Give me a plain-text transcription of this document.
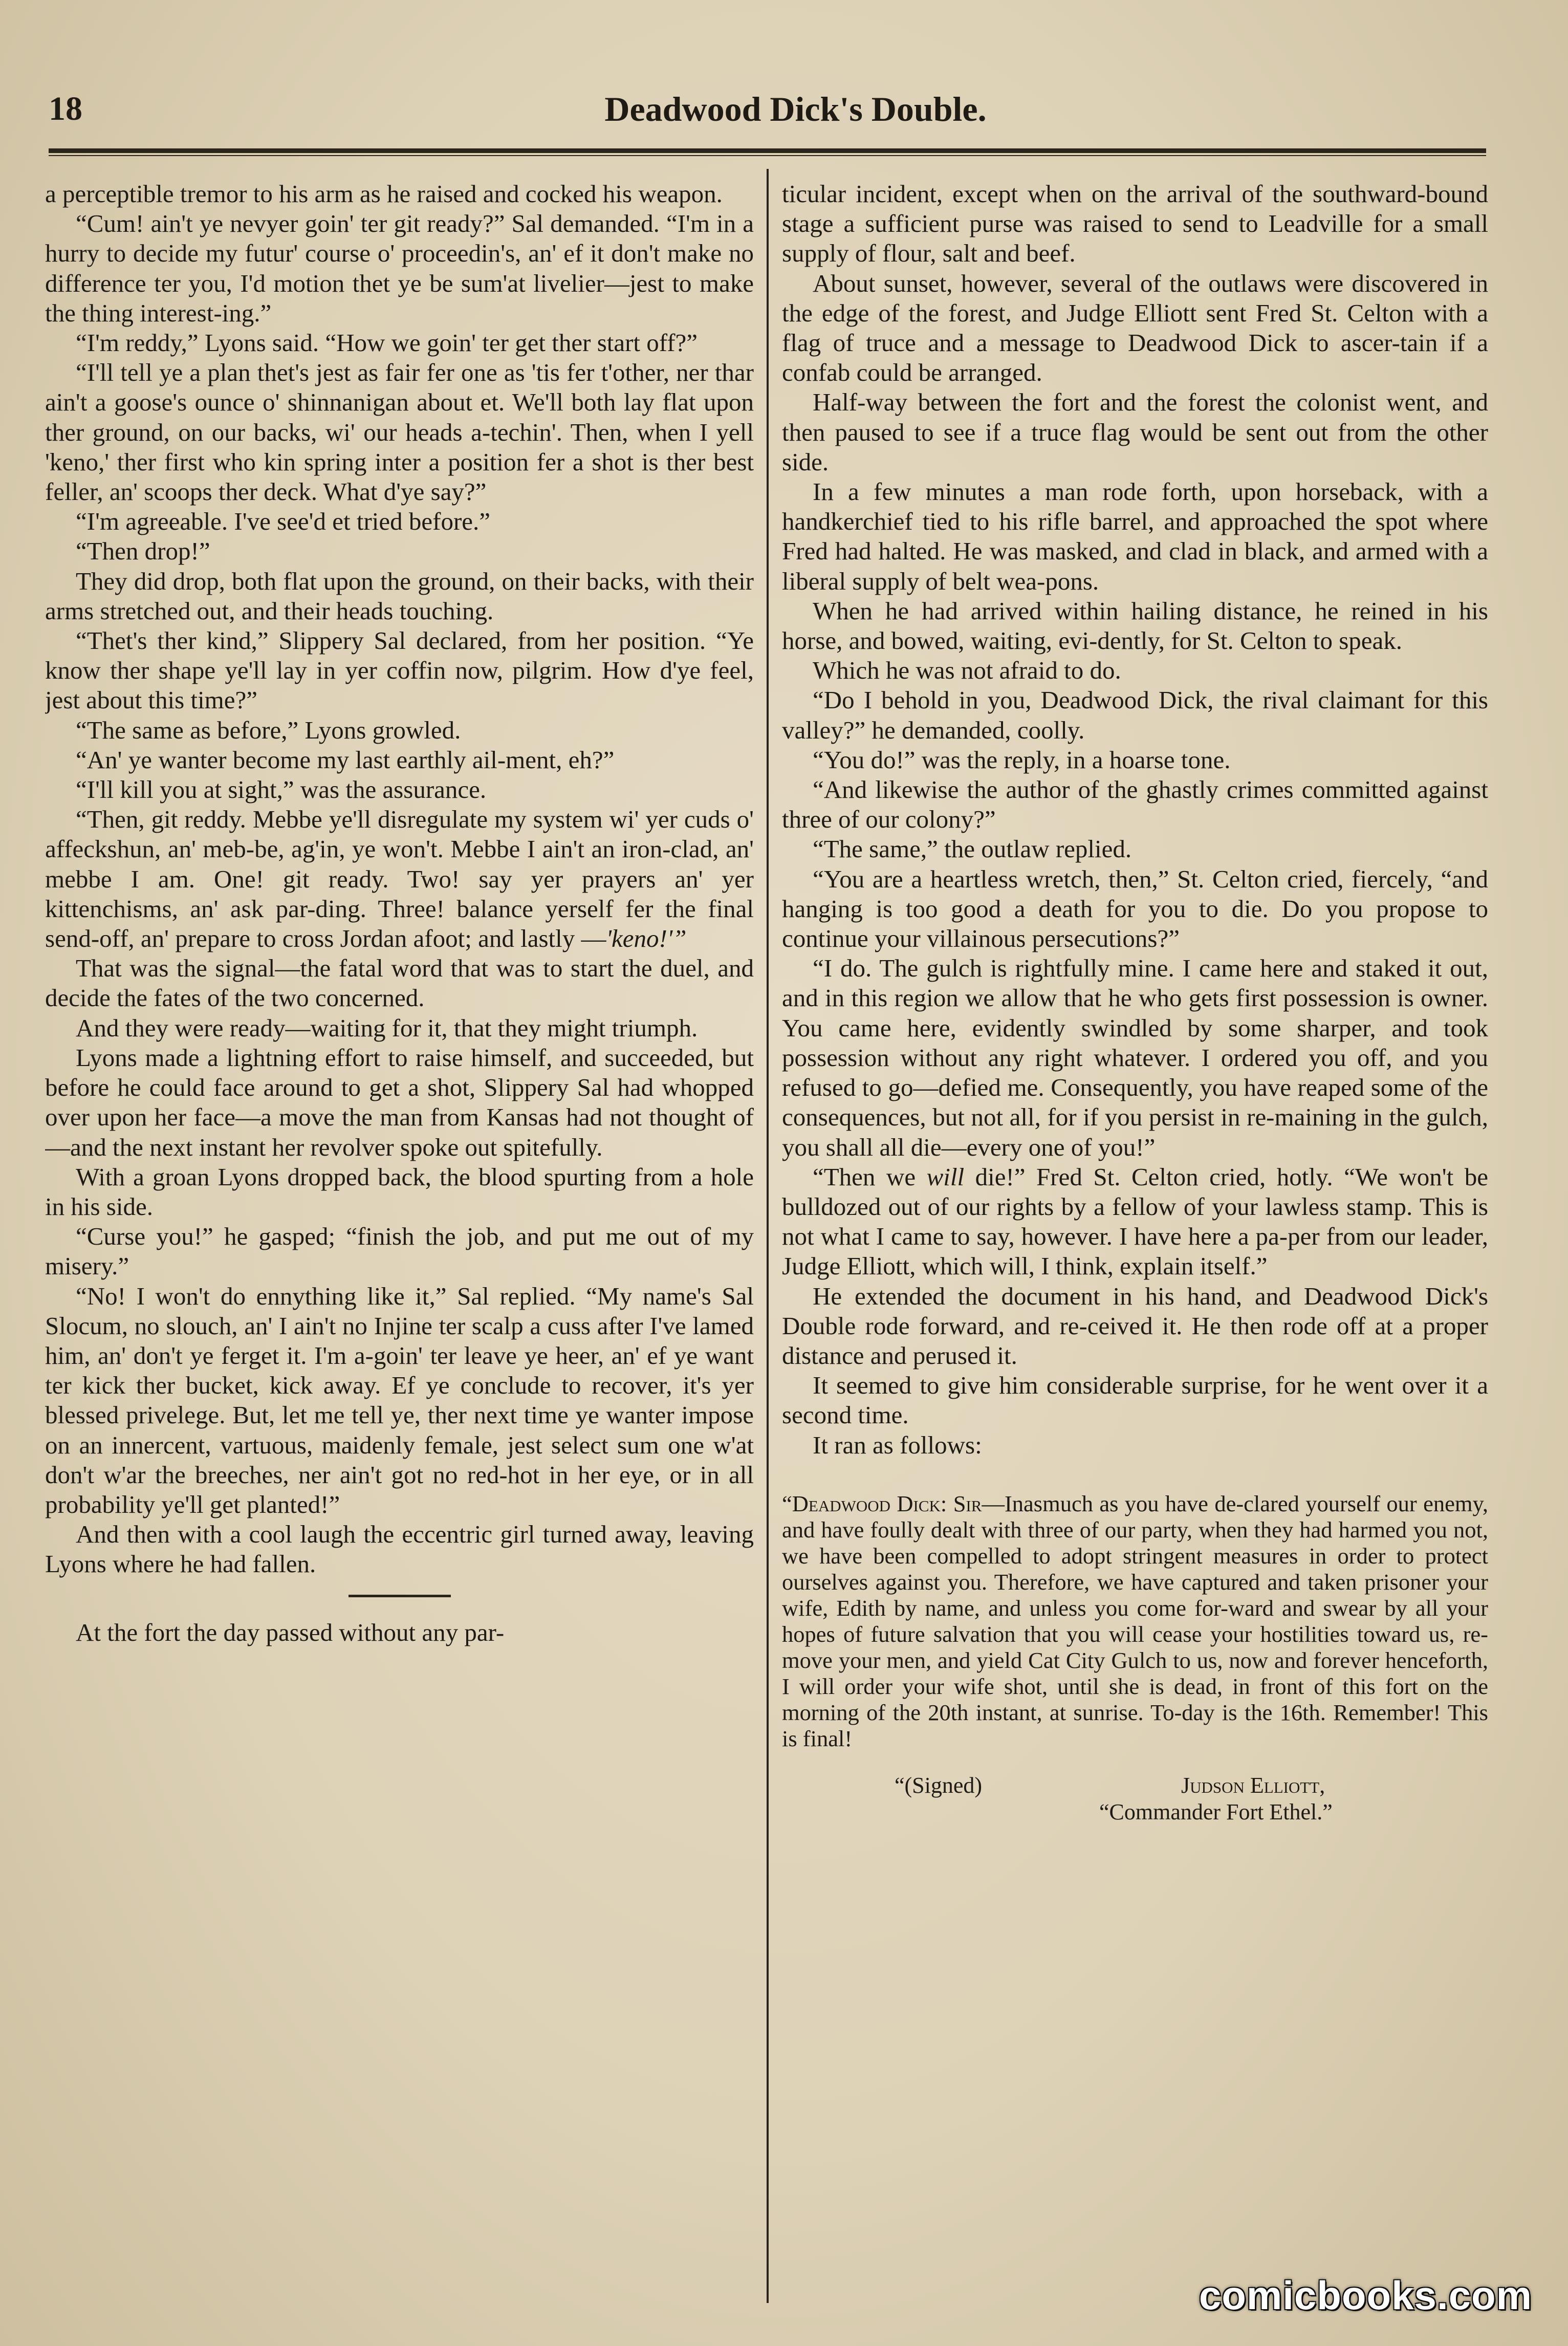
18	Deadwood Dick's Double.

a perceptible tremor to his arm as he raised and cocked his weapon.

“Cum! ain't ye nevyer goin' ter git ready?” Sal demanded. “I'm in a hurry to decide my futur' course o' proceedin's, an' ef it don't make no difference ter you, I'd motion thet ye be sum'at livelier—jest to make the thing interest-ing.”

“I'm reddy,” Lyons said. “How we goin' ter get ther start off?”

“I'll tell ye a plan thet's jest as fair fer one as 'tis fer t'other, ner thar ain't a goose's ounce o' shinnanigan about et. We'll both lay flat upon ther ground, on our backs, wi' our heads a-techin'. Then, when I yell 'keno,' ther first who kin spring inter a position fer a shot is ther best feller, an' scoops ther deck. What d'ye say?”

“I'm agreeable. I've see'd et tried before.”

“Then drop!”

They did drop, both flat upon the ground, on their backs, with their arms stretched out, and their heads touching.

“Thet's ther kind,” Slippery Sal declared, from her position. “Ye know ther shape ye'll lay in yer coffin now, pilgrim. How d'ye feel, jest about this time?”

“The same as before,” Lyons growled.

“An' ye wanter become my last earthly ail-ment, eh?”

“I'll kill you at sight,” was the assurance.

“Then, git reddy. Mebbe ye'll disregulate my system wi' yer cuds o' affeckshun, an' meb-be, ag'in, ye won't. Mebbe I ain't an iron-clad, an' mebbe I am. One! git ready. Two! say yer prayers an' yer kittenchisms, an' ask par-ding. Three! balance yerself fer the final send-off, an' prepare to cross Jordan afoot; and lastly —'keno!'”

That was the signal—the fatal word that was to start the duel, and decide the fates of the two concerned.

And they were ready—waiting for it, that they might triumph.

Lyons made a lightning effort to raise himself, and succeeded, but before he could face around to get a shot, Slippery Sal had whopped over upon her face—a move the man from Kansas had not thought of—and the next instant her revolver spoke out spitefully.

With a groan Lyons dropped back, the blood spurting from a hole in his side.

“Curse you!” he gasped; “finish the job, and put me out of my misery.”

“No! I won't do ennything like it,” Sal replied. “My name's Sal Slocum, no slouch, an' I ain't no Injine ter scalp a cuss after I've lamed him, an' don't ye ferget it. I'm a-goin' ter leave ye heer, an' ef ye want ter kick ther bucket, kick away. Ef ye conclude to recover, it's yer blessed privelege. But, let me tell ye, ther next time ye wanter impose on an innercent, vartuous, maidenly female, jest select sum one w'at don't w'ar the breeches, ner ain't got no red-hot in her eye, or in all probability ye'll get planted!”

And then with a cool laugh the eccentric girl turned away, leaving Lyons where he had fallen.

At the fort the day passed without any par-

ticular incident, except when on the arrival of the southward-bound stage a sufficient purse was raised to send to Leadville for a small supply of flour, salt and beef.

About sunset, however, several of the outlaws were discovered in the edge of the forest, and Judge Elliott sent Fred St. Celton with a flag of truce and a message to Deadwood Dick to ascer-tain if a confab could be arranged.

Half-way between the fort and the forest the colonist went, and then paused to see if a truce flag would be sent out from the other side.

In a few minutes a man rode forth, upon horseback, with a handkerchief tied to his rifle barrel, and approached the spot where Fred had halted. He was masked, and clad in black, and armed with a liberal supply of belt wea-pons.

When he had arrived within hailing distance, he reined in his horse, and bowed, waiting, evi-dently, for St. Celton to speak.

Which he was not afraid to do.

“Do I behold in you, Deadwood Dick, the rival claimant for this valley?” he demanded, coolly.

“You do!” was the reply, in a hoarse tone.

“And likewise the author of the ghastly crimes committed against three of our colony?”

“The same,” the outlaw replied.

“You are a heartless wretch, then,” St. Celton cried, fiercely, “and hanging is too good a death for you to die. Do you propose to continue your villainous persecutions?”

“I do. The gulch is rightfully mine. I came here and staked it out, and in this region we allow that he who gets first possession is owner. You came here, evidently swindled by some sharper, and took possession without any right whatever. I ordered you off, and you refused to go—defied me. Consequently, you have reaped some of the consequences, but not all, for if you persist in re-maining in the gulch, you shall all die—every one of you!”

“Then we will die!” Fred St. Celton cried, hotly. “We won't be bulldozed out of our rights by a fellow of your lawless stamp. This is not what I came to say, however. I have here a pa-per from our leader, Judge Elliott, which will, I think, explain itself.”

He extended the document in his hand, and Deadwood Dick's Double rode forward, and re-ceived it. He then rode off at a proper distance and perused it.

It seemed to give him considerable surprise, for he went over it a second time.

It ran as follows:

“Deadwood Dick: Sir—Inasmuch as you have de-clared yourself our enemy, and have foully dealt with three of our party, when they had harmed you not, we have been compelled to adopt stringent measures in order to protect ourselves against you. Therefore, we have captured and taken prisoner your wife, Edith by name, and unless you come for-ward and swear by all your hopes of future salvation that you will cease your hostilities toward us, re-move your men, and yield Cat City Gulch to us, now and forever henceforth, I will order your wife shot, until she is dead, in front of this fort on the morning of the 20th instant, at sunrise. To-day is the 16th. Remember! This is final!
“(Signed)	Judson Elliott,
“Commander Fort Ethel.”
comicbooks.com
